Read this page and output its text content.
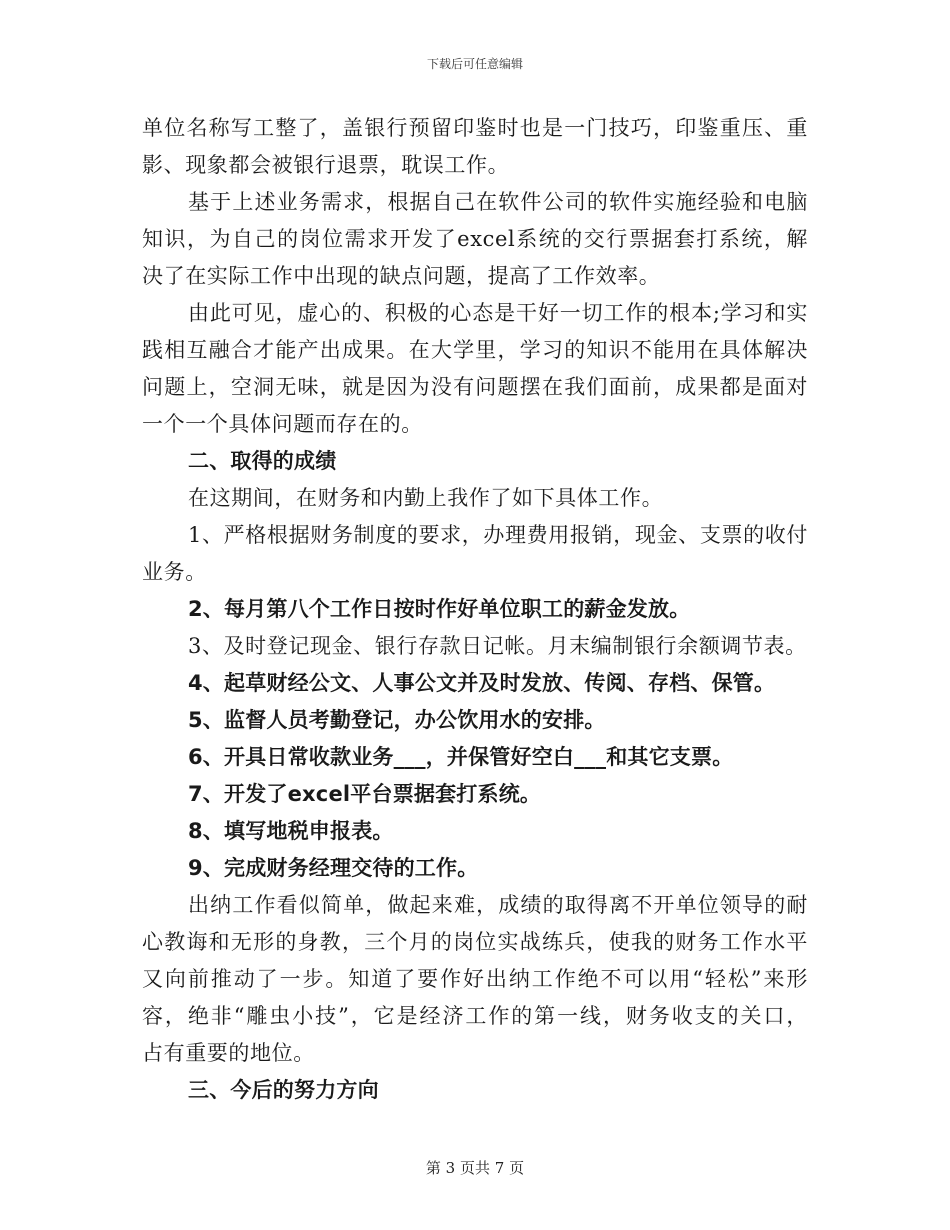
下载后可任意编辑
单位名称写工整了，盖银行预留印鉴时也是一门技巧，印鉴重压、重
影、现象都会被银行退票，耽误工作。
基于上述业务需求，根据自己在软件公司的软件实施经验和电脑
知识，为自己的岗位需求开发了excel系统的交行票据套打系统，解
决了在实际工作中出现的缺点问题，提高了工作效率。
由此可见，虚心的、积极的心态是干好一切工作的根本;学习和实
践相互融合才能产出成果。在大学里，学习的知识不能用在具体解决
问题上，空洞无味，就是因为没有问题摆在我们面前，成果都是面对
一个一个具体问题而存在的。
二、取得的成绩
在这期间，在财务和内勤上我作了如下具体工作。
1、严格根据财务制度的要求，办理费用报销，现金、支票的收付
业务。
2、每月第八个工作日按时作好单位职工的薪金发放。
3、及时登记现金、银行存款日记帐。月末编制银行余额调节表。
4、起草财经公文、人事公文并及时发放、传阅、存档、保管。
5、监督人员考勤登记，办公饮用水的安排。
6、开具日常收款业务___，并保管好空白___和其它支票。
7、开发了excel平台票据套打系统。
8、填写地税申报表。
9、完成财务经理交待的工作。
出纳工作看似简单，做起来难，成绩的取得离不开单位领导的耐
心教诲和无形的身教，三个月的岗位实战练兵，使我的财务工作水平
又向前推动了一步。知道了要作好出纳工作绝不可以用“轻松”来形
容，绝非“雕虫小技”，它是经济工作的第一线，财务收支的关口，
占有重要的地位。
三、今后的努力方向
第 3 页共 7 页
